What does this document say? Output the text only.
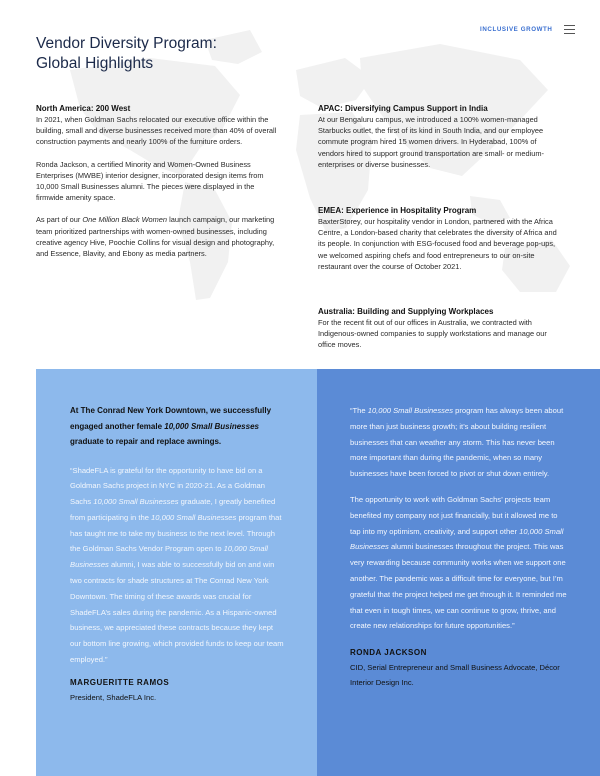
INCLUSIVE GROWTH
Vendor Diversity Program:
Global Highlights
North America: 200 West

In 2021, when Goldman Sachs relocated our executive office within the building, small and diverse businesses received more than 40% of overall construction payments and nearly 100% of the furniture orders.

Ronda Jackson, a certified Minority and Women-Owned Business Enterprises (MWBE) interior designer, incorporated design items from 10,000 Small Businesses alumni. The pieces were displayed in the firmwide amenity space.

As part of our One Million Black Women launch campaign, our marketing team prioritized partnerships with women-owned businesses, including creative agency Hive, Poochie Collins for visual design and photography, and Essence, Blavity, and Ebony as media partners.

APAC: Diversifying Campus Support in India

At our Bengaluru campus, we introduced a 100% women-managed Starbucks outlet, the first of its kind in South India, and our employee commute program hired 15 women drivers. In Hyderabad, 100% of vendors hired to support ground transportation are small- or medium-enterprises or diverse businesses.

EMEA: Experience in Hospitality Program

BaxterStorey, our hospitality vendor in London, partnered with the Africa Centre, a London-based charity that celebrates the diversity of Africa and its people. In conjunction with ESG-focused food and beverage pop-ups, we welcomed aspiring chefs and food entrepreneurs to our on-site restaurant over the course of October 2021.

Australia: Building and Supplying Workplaces

For the recent fit out of our offices in Australia, we contracted with Indigenous-owned companies to supply workstations and manage our office moves.

At The Conrad New York Downtown, we successfully engaged another female 10,000 Small Businesses graduate to repair and replace awnings.

“ShadeFLA is grateful for the opportunity to have bid on a Goldman Sachs project in NYC in 2020-21. As a Goldman Sachs 10,000 Small Businesses graduate, I greatly benefited from participating in the 10,000 Small Businesses program that has taught me to take my business to the next level. Through the Goldman Sachs Vendor Program open to 10,000 Small Businesses alumni, I was able to successfully bid on and win two contracts for shade structures at The Conrad New York Downtown. The timing of these awards was crucial for ShadeFLA’s sales during the pandemic. As a Hispanic-owned business, we appreciated these contracts because they kept our bottom line growing, which provided funds to keep our team employed.”

MARGUERITTE RAMOS
President, ShadeFLA Inc.

“The 10,000 Small Businesses program has always been about more than just business growth; it’s about building resilient businesses that can weather any storm. This has never been more important than during the pandemic, when so many businesses have been forced to pivot or shut down entirely.

The opportunity to work with Goldman Sachs’ projects team benefited my company not just financially, but it allowed me to tap into my optimism, creativity, and support other 10,000 Small Businesses alumni businesses throughout the project. This was very rewarding because community works when we support one another. The pandemic was a difficult time for everyone, but I’m grateful that the project helped me get through it. It reminded me that even in tough times, we can continue to grow, thrive, and create new relationships for future opportunities.”

RONDA JACKSON
CID, Serial Entrepreneur and Small Business Advocate, Décor Interior Design Inc.
